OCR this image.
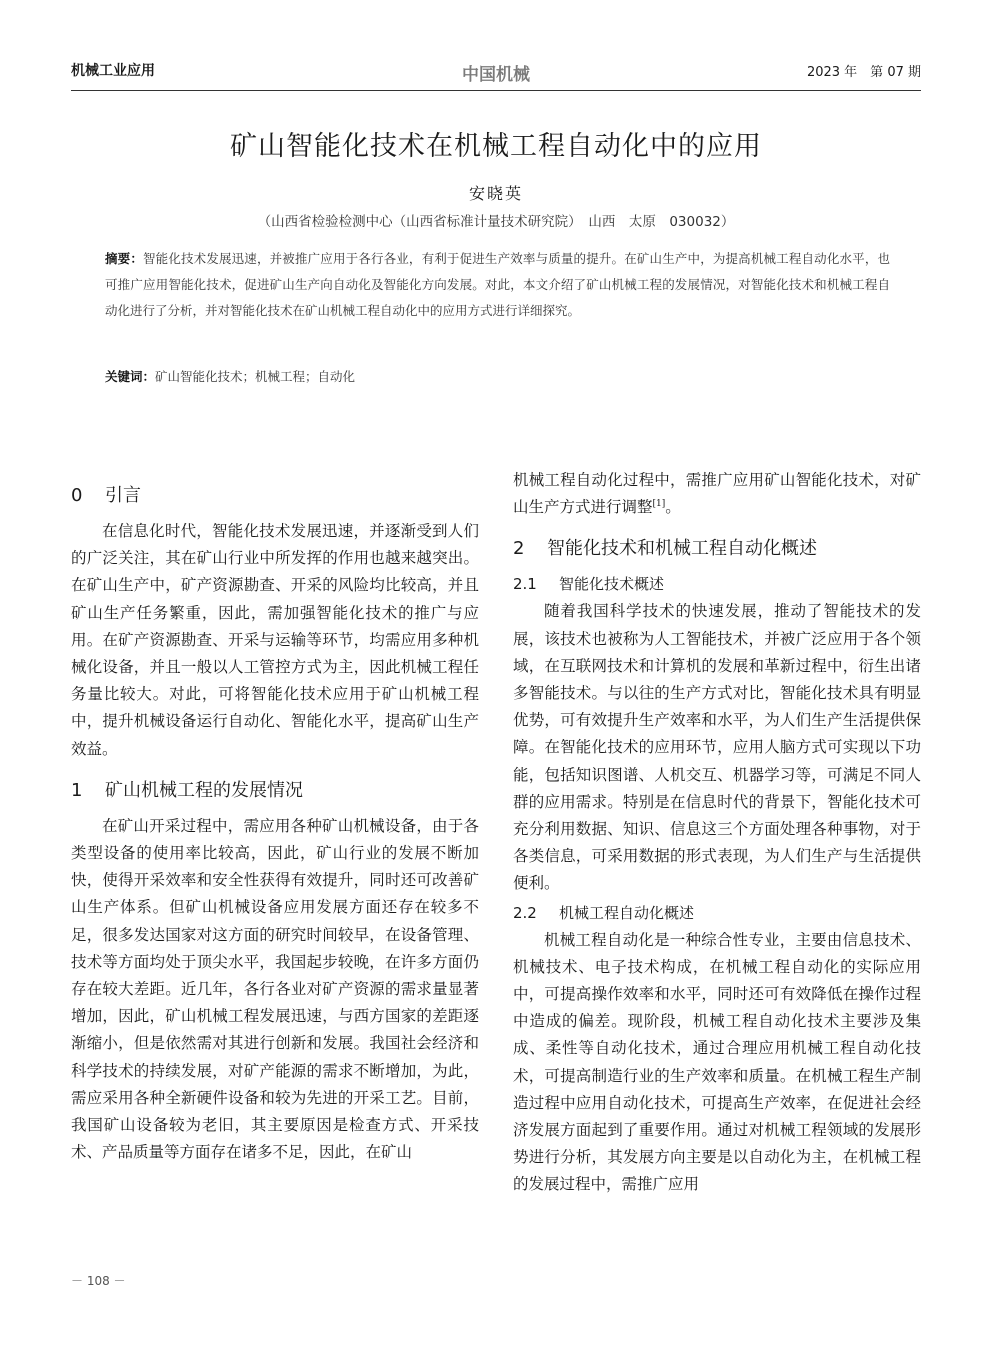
机械工业应用	中国机械	2023 年　第 07 期
矿山智能化技术在机械工程自动化中的应用
安晓英
（山西省检验检测中心（山西省标准计量技术研究院）　山西　太原　030032）
摘要：智能化技术发展迅速，并被推广应用于各行各业，有利于促进生产效率与质量的提升。在矿山生产中，为提高机械工程自动化水平，也可推广应用智能化技术，促进矿山生产向自动化及智能化方向发展。对此，本文介绍了矿山机械工程的发展情况，对智能化技术和机械工程自动化进行了分析，并对智能化技术在矿山机械工程自动化中的应用方式进行详细探究。
关键词：矿山智能化技术；机械工程；自动化
0 引言

在信息化时代，智能化技术发展迅速，并逐渐受到人们的广泛关注，其在矿山行业中所发挥的作用也越来越突出。在矿山生产中，矿产资源勘查、开采的风险均比较高，并且矿山生产任务繁重，因此，需加强智能化技术的推广与应用。在矿产资源勘查、开采与运输等环节，均需应用多种机械化设备，并且一般以人工管控方式为主，因此机械工程任务量比较大。对此，可将智能化技术应用于矿山机械工程中，提升机械设备运行自动化、智能化水平，提高矿山生产效益。

1 矿山机械工程的发展情况

在矿山开采过程中，需应用各种矿山机械设备，由于各类型设备的使用率比较高，因此，矿山行业的发展不断加快，使得开采效率和安全性获得有效提升，同时还可改善矿山生产体系。但矿山机械设备应用发展方面还存在较多不足，很多发达国家对这方面的研究时间较早，在设备管理、技术等方面均处于顶尖水平，我国起步较晚，在许多方面仍存在较大差距。近几年，各行各业对矿产资源的需求量显著增加，因此，矿山机械工程发展迅速，与西方国家的差距逐渐缩小，但是依然需对其进行创新和发展。我国社会经济和科学技术的持续发展，对矿产能源的需求不断增加，为此，需应采用各种全新硬件设备和较为先进的开采工艺。目前，我国矿山设备较为老旧，其主要原因是检查方式、开采技术、产品质量等方面存在诸多不足，因此，在矿山

机械工程自动化过程中，需推广应用矿山智能化技术，对矿山生产方式进行调整[1]。

2 智能化技术和机械工程自动化概述
2.1 智能化技术概述

随着我国科学技术的快速发展，推动了智能技术的发展，该技术也被称为人工智能技术，并被广泛应用于各个领域，在互联网技术和计算机的发展和革新过程中，衍生出诸多智能技术。与以往的生产方式对比，智能化技术具有明显优势，可有效提升生产效率和水平，为人们生产生活提供保障。在智能化技术的应用环节，应用人脑方式可实现以下功能，包括知识图谱、人机交互、机器学习等，可满足不同人群的应用需求。特别是在信息时代的背景下，智能化技术可充分利用数据、知识、信息这三个方面处理各种事物，对于各类信息，可采用数据的形式表现，为人们生产与生活提供便利。

2.2 机械工程自动化概述

机械工程自动化是一种综合性专业，主要由信息技术、机械技术、电子技术构成，在机械工程自动化的实际应用中，可提高操作效率和水平，同时还可有效降低在操作过程中造成的偏差。现阶段，机械工程自动化技术主要涉及集成、柔性等自动化技术，通过合理应用机械工程自动化技术，可提高制造行业的生产效率和质量。在机械工程生产制造过程中应用自动化技术，可提高生产效率，在促进社会经济发展方面起到了重要作用。通过对机械工程领域的发展形势进行分析，其发展方向主要是以自动化为主，在机械工程的发展过程中，需推广应用

－ 108 －
